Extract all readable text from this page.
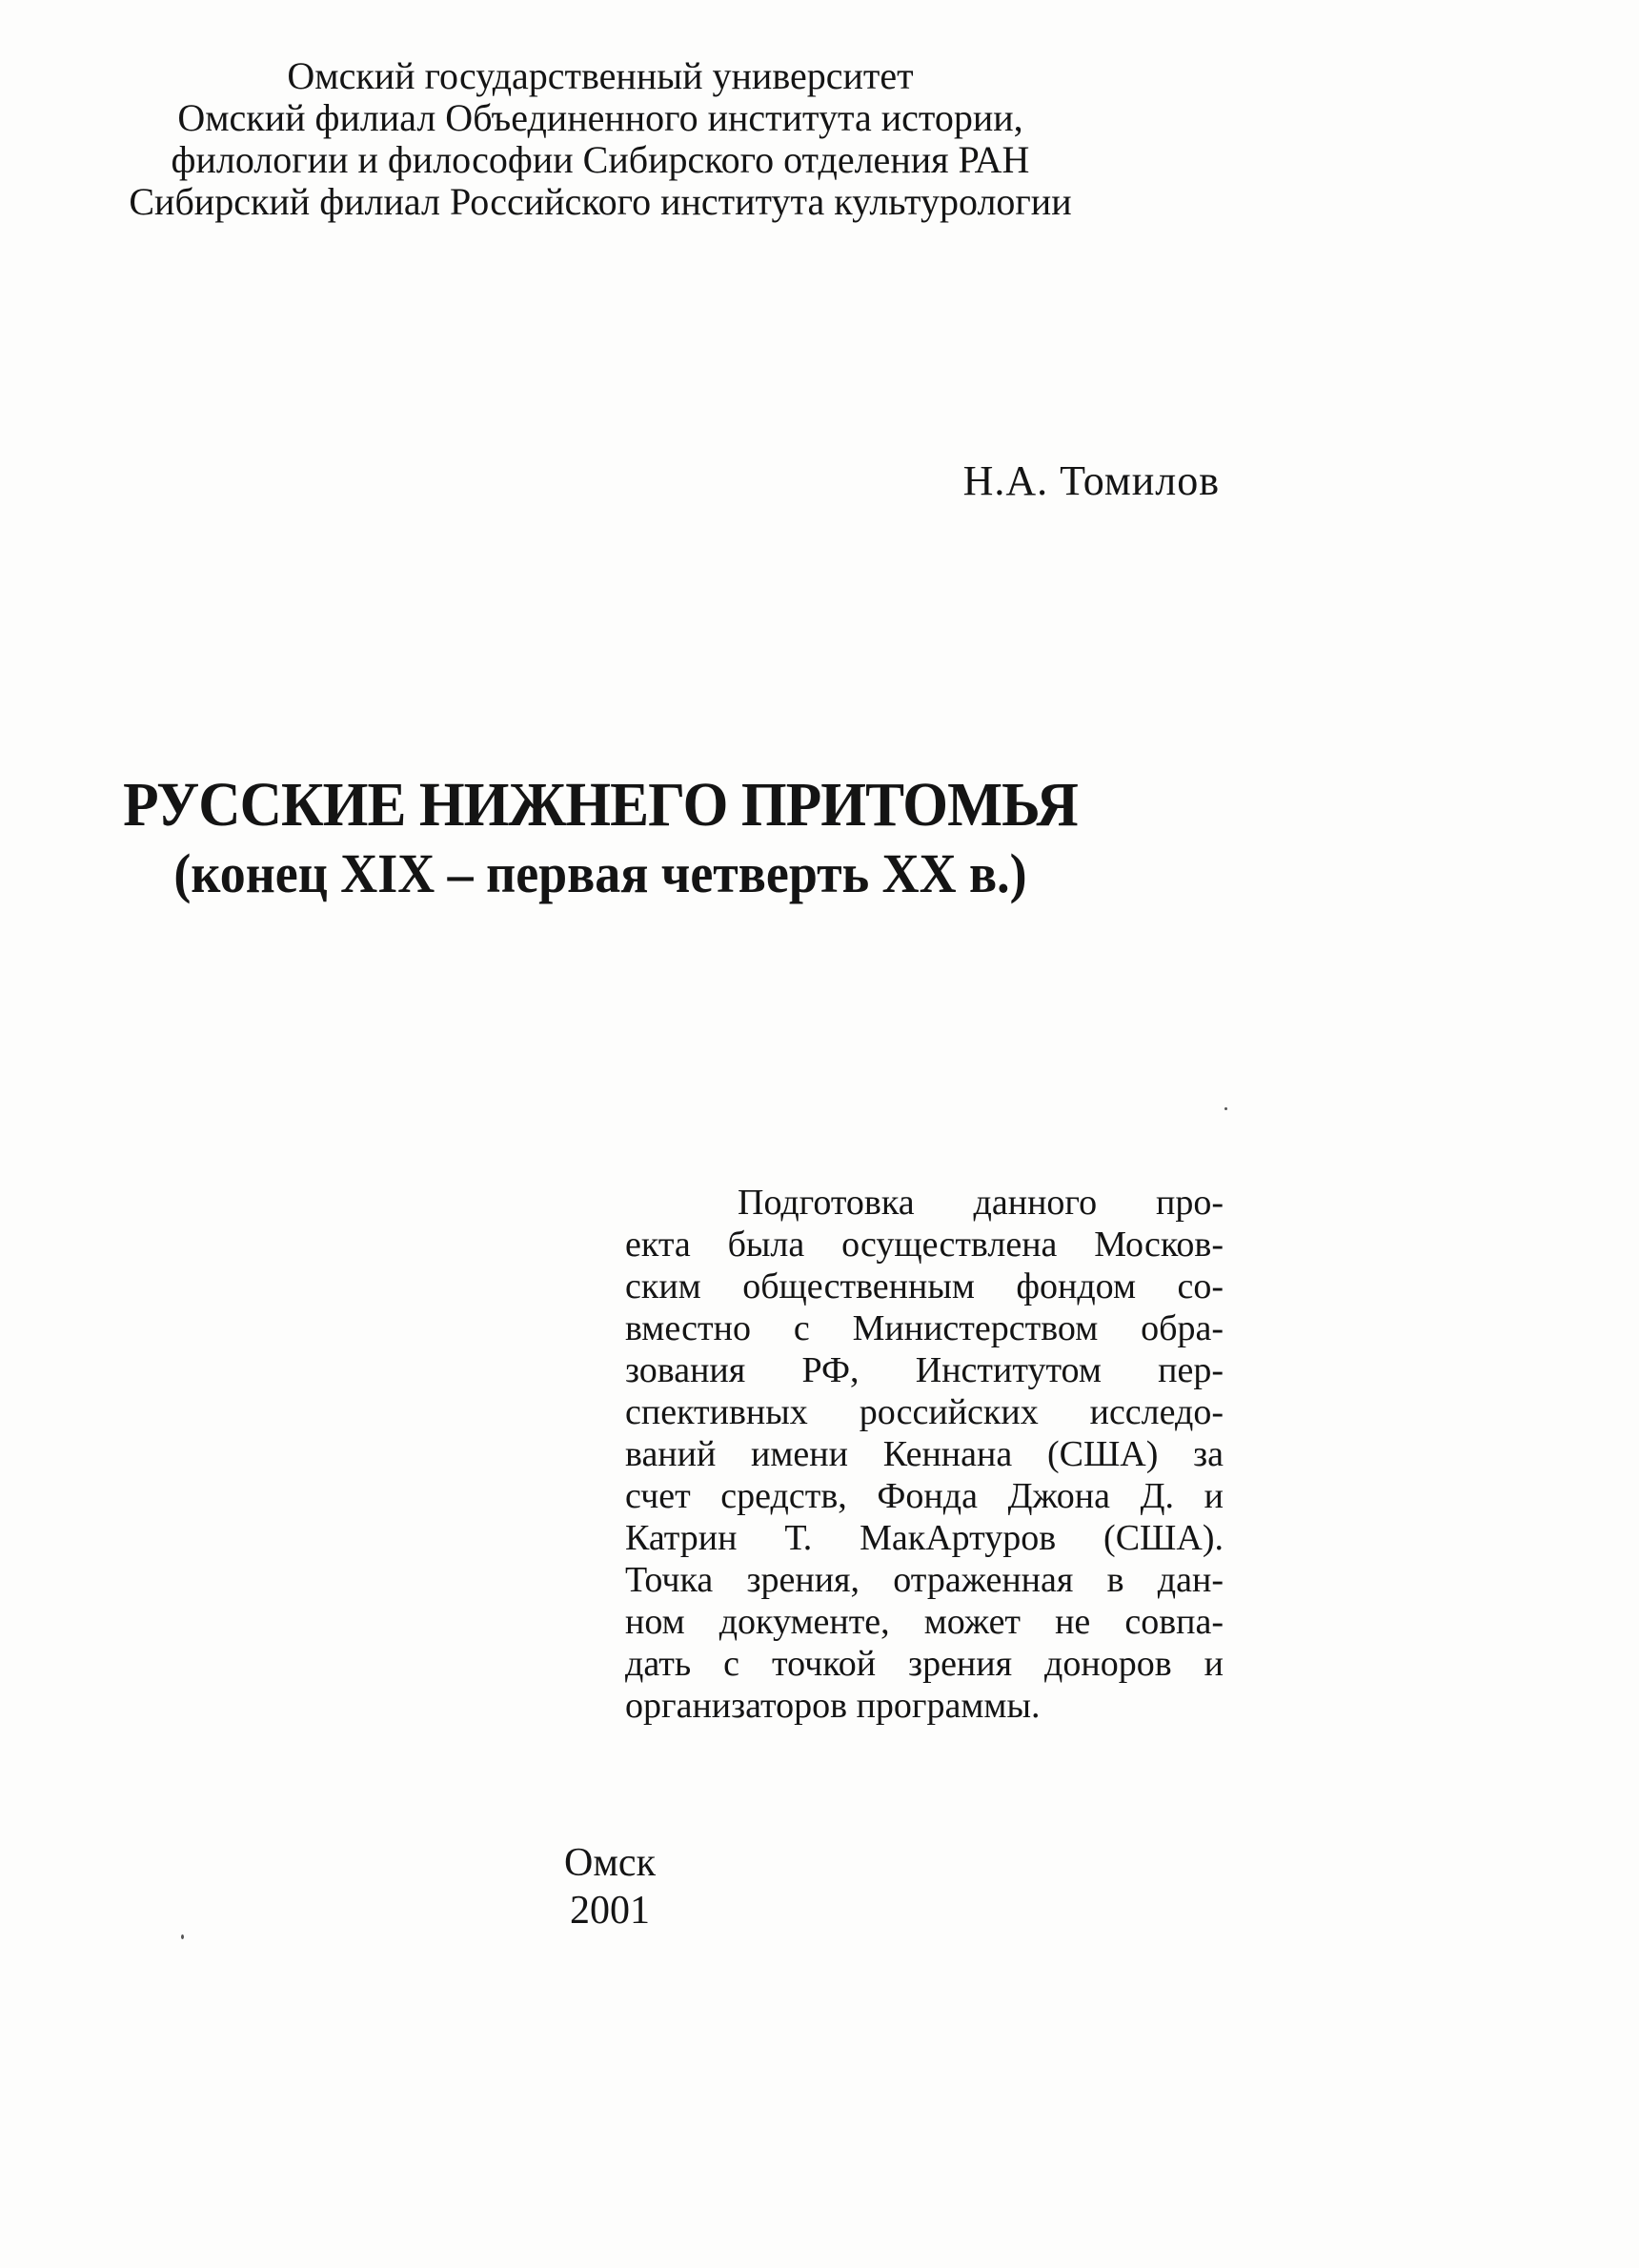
Омский государственный университет
Омский филиал Объединенного института истории,
филологии и философии Сибирского отделения РАН
Сибирский филиал Российского института культурологии
Н.А. Томилов
РУССКИЕ НИЖНЕГО ПРИТОМЬЯ
(конец XIX – первая четверть XX в.)
Подготовка данного про-
екта была осуществлена Москов-
ским общественным фондом со-
вместно с Министерством обра-
зования РФ, Институтом пер-
спективных российских исследо-
ваний имени Кеннана (США) за
счет средств, Фонда Джона Д. и
Катрин Т. МакАртуров (США).
Точка зрения, отраженная в дан-
ном документе, может не совпа-
дать с точкой зрения доноров и
организаторов программы.
Омск
2001
